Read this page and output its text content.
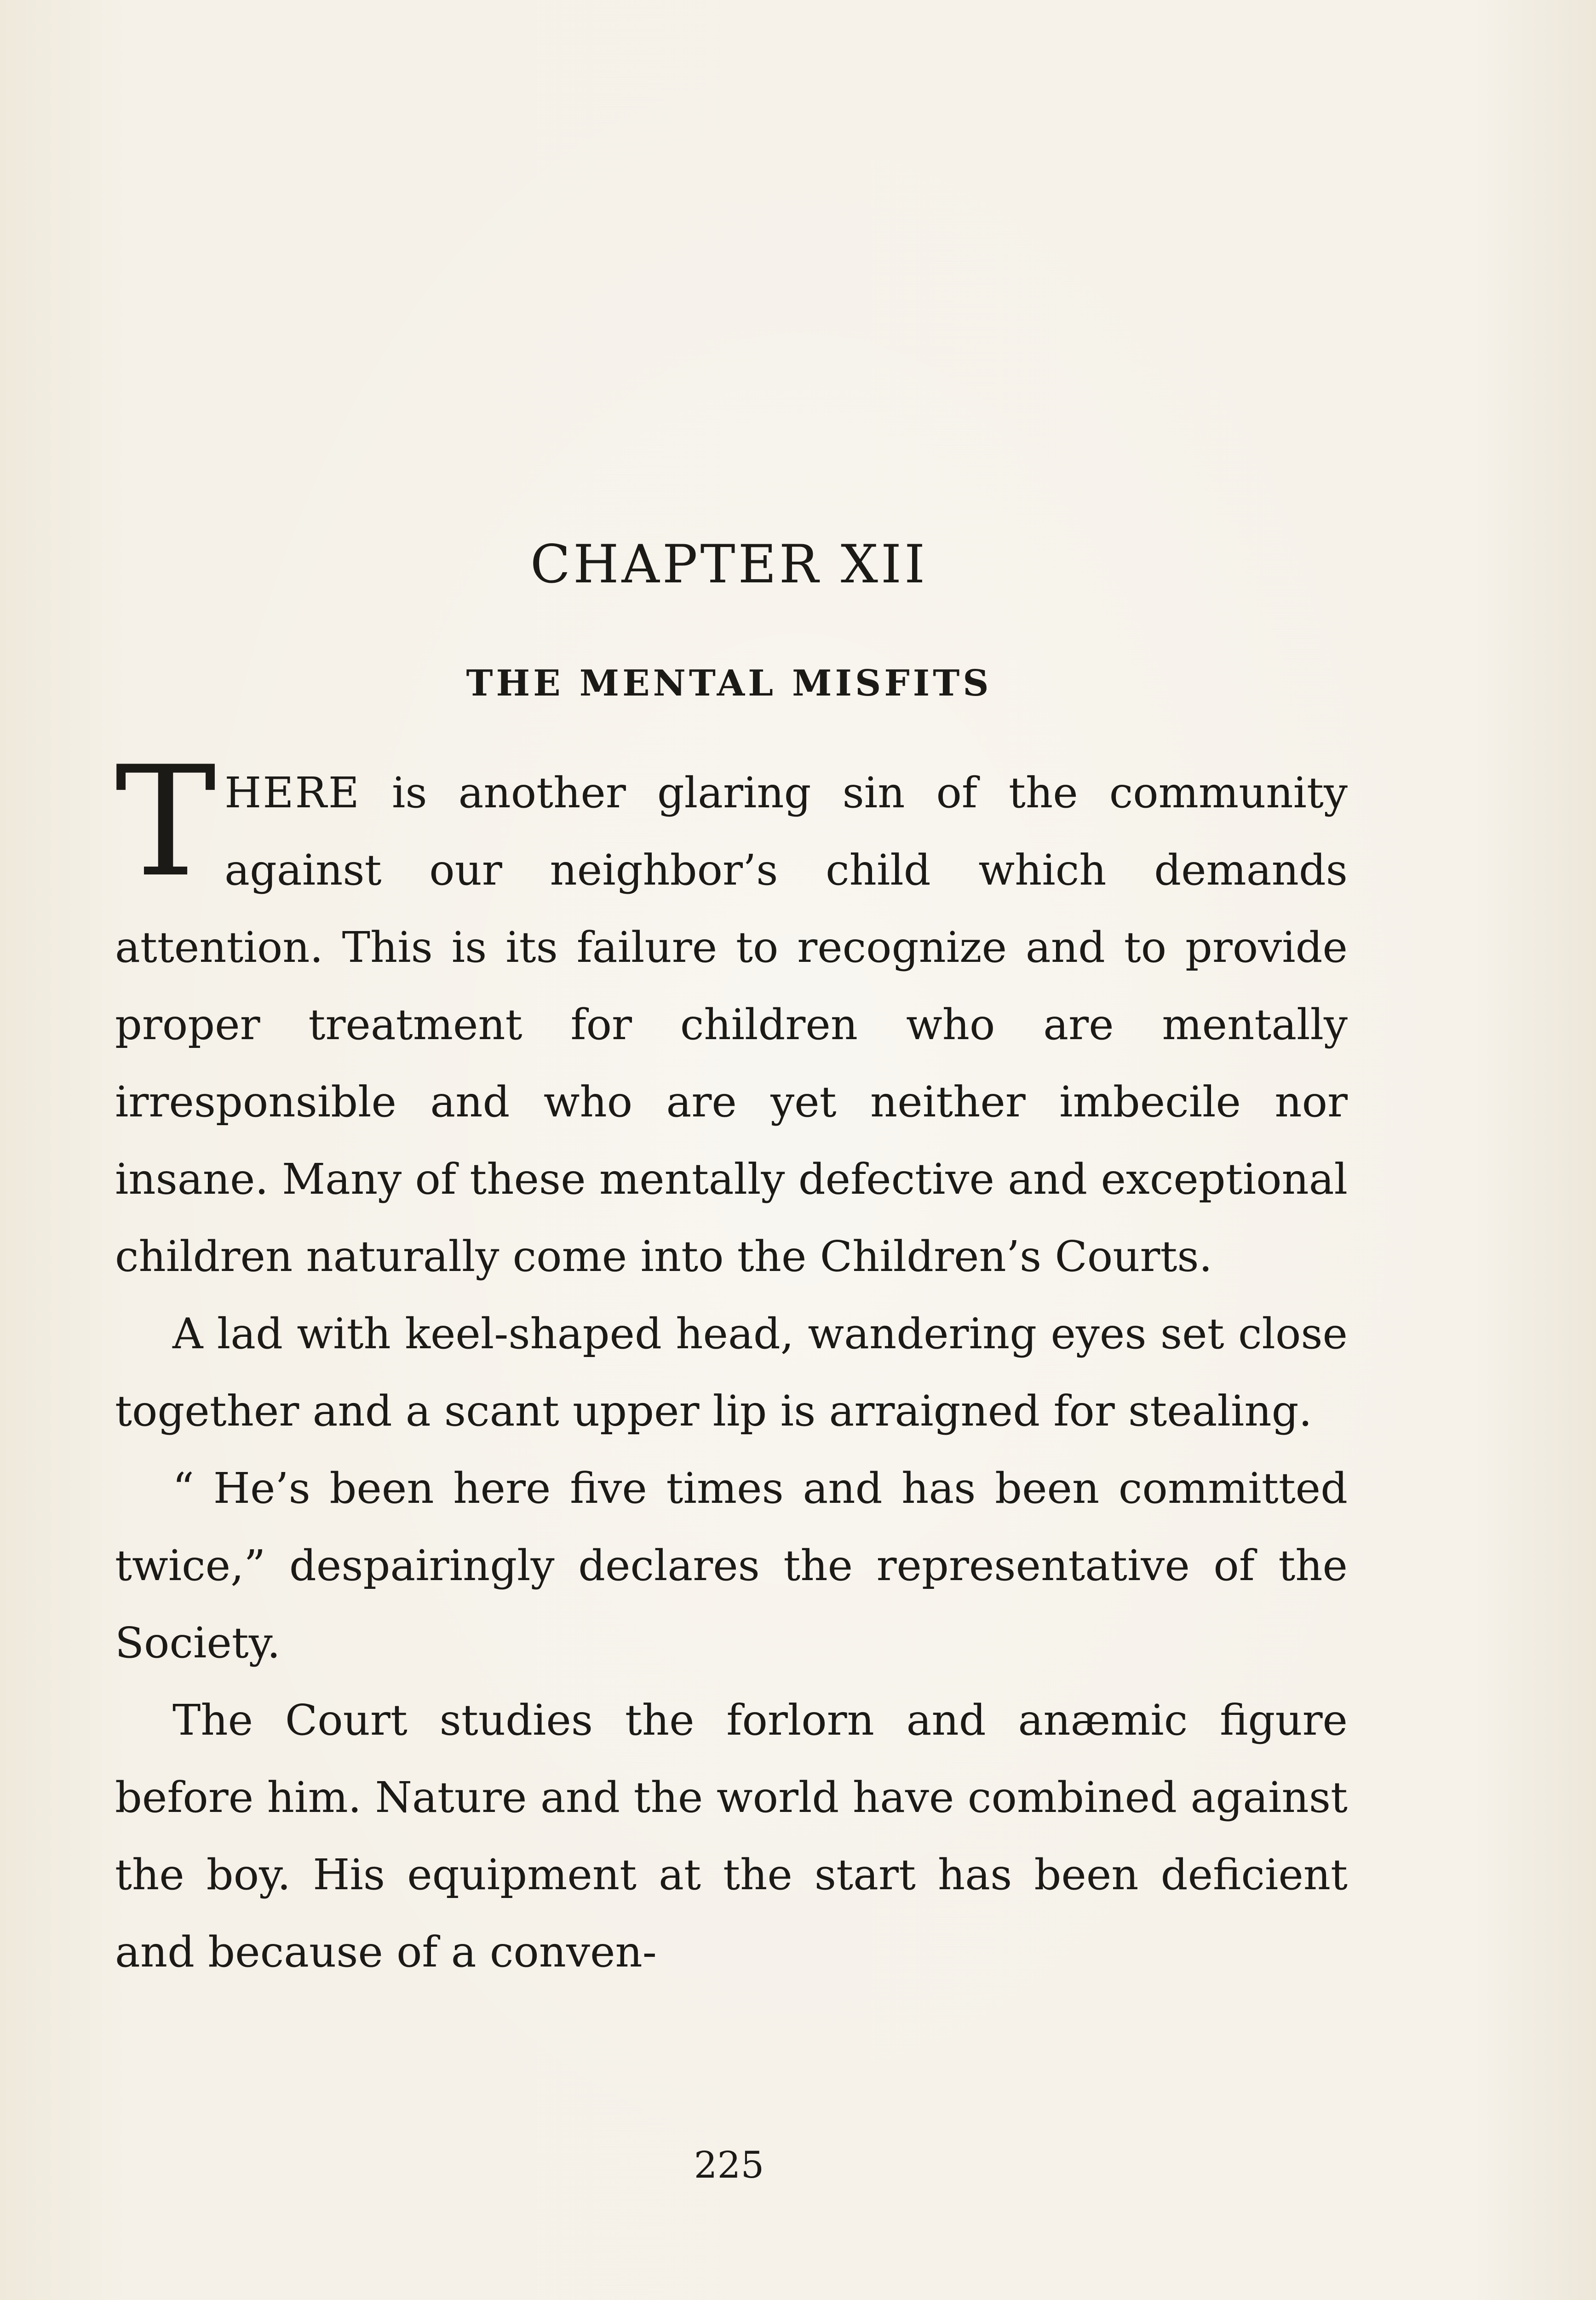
CHAPTER XII
THE MENTAL MISFITS

THERE is another glaring sin of the community against our neighbor’s child which demands attention. This is its failure to recognize and to provide proper treatment for children who are mentally irresponsible and who are yet neither imbecile nor insane. Many of these mentally defective and exceptional children naturally come into the Children’s Courts.

A lad with keel-shaped head, wandering eyes set close together and a scant upper lip is arraigned for stealing.

“ He’s been here five times and has been committed twice,” despairingly declares the representative of the Society.

The Court studies the forlorn and anæmic figure before him. Nature and the world have combined against the boy. His equipment at the start has been deficient and because of a conven-

225
